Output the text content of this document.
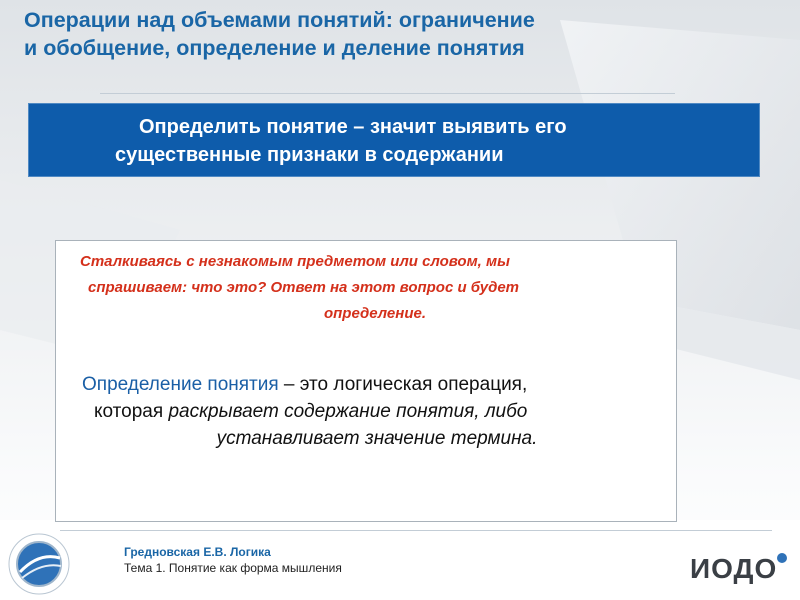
Операции над объемами понятий: ограничение
и обобщение, определение и деление понятия
Определить понятие – значит выявить его
существенные признаки в содержании
Сталкиваясь с незнакомым предметом или словом, мы
спрашиваем: что это? Ответ на этот вопрос и будет
определение.
Определение понятия – это логическая операция,
которая раскрывает содержание понятия, либо
устанавливает значение термина.
Гредновская Е.В. Логика
Тема 1. Понятие как форма мышления	ИОДО
